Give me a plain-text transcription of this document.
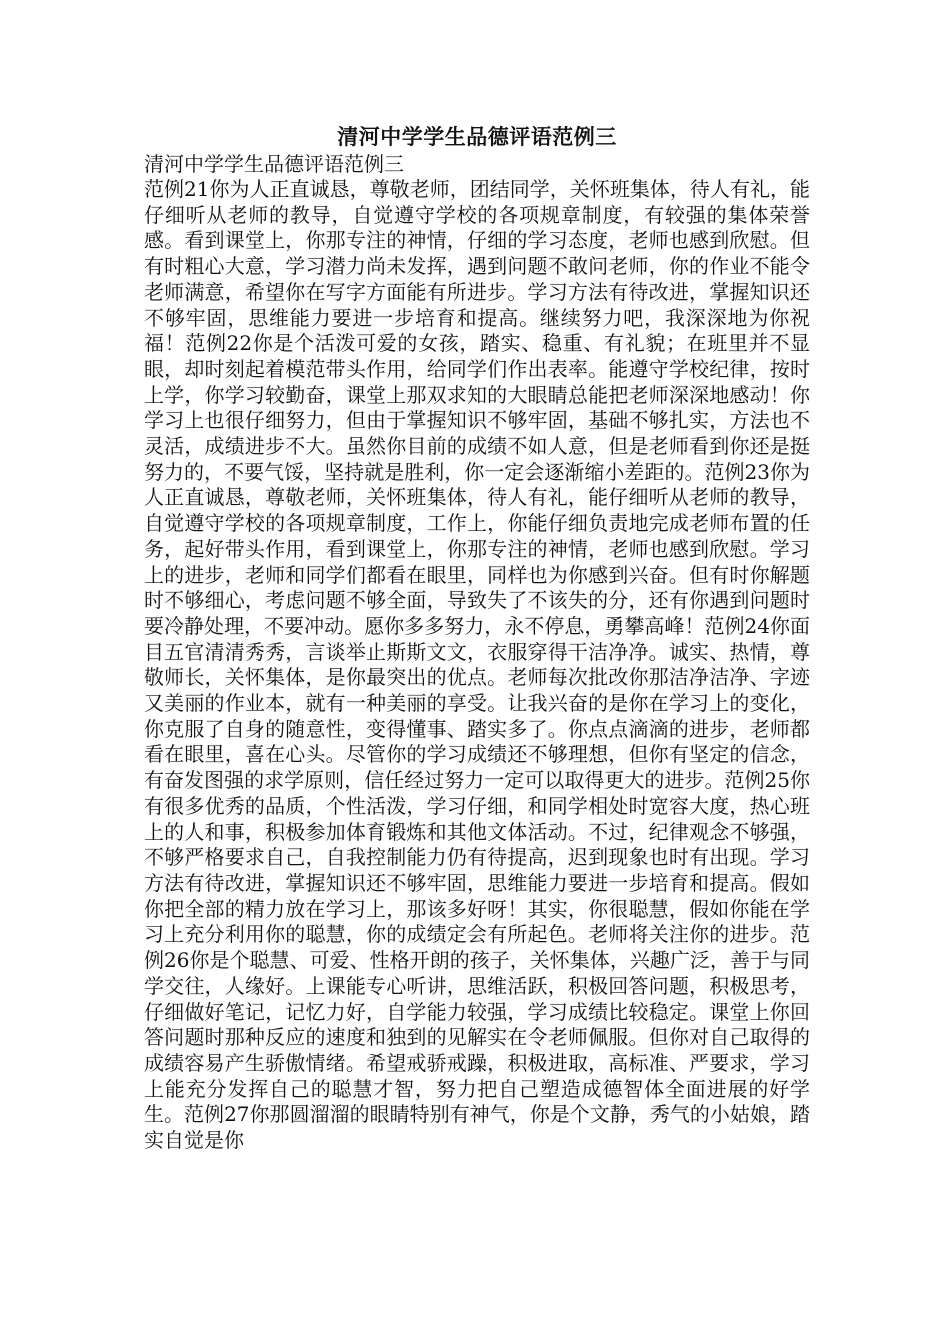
清河中学学生品德评语范例三

清河中学学生品德评语范例三

范例21你为人正直诚恳，尊敬老师，团结同学，关怀班集体，待人有礼，能仔细听从老师的教导，自觉遵守学校的各项规章制度，有较强的集体荣誉感。看到课堂上，你那专注的神情，仔细的学习态度，老师也感到欣慰。但有时粗心大意，学习潜力尚未发挥，遇到问题不敢问老师，你的作业不能令老师满意，希望你在写字方面能有所进步。学习方法有待改进，掌握知识还不够牢固，思维能力要进一步培育和提高。继续努力吧，我深深地为你祝福！范例22你是个活泼可爱的女孩，踏实、稳重、有礼貌；在班里并不显眼，却时刻起着模范带头作用，给同学们作出表率。能遵守学校纪律，按时上学，你学习较勤奋，课堂上那双求知的大眼睛总能把老师深深地感动！你学习上也很仔细努力，但由于掌握知识不够牢固，基础不够扎实，方法也不灵活，成绩进步不大。虽然你目前的成绩不如人意，但是老师看到你还是挺努力的，不要气馁，坚持就是胜利，你一定会逐渐缩小差距的。范例23你为人正直诚恳，尊敬老师，关怀班集体，待人有礼，能仔细听从老师的教导，自觉遵守学校的各项规章制度，工作上，你能仔细负责地完成老师布置的任务，起好带头作用，看到课堂上，你那专注的神情，老师也感到欣慰。学习上的进步，老师和同学们都看在眼里，同样也为你感到兴奋。但有时你解题时不够细心，考虑问题不够全面，导致失了不该失的分，还有你遇到问题时要冷静处理，不要冲动。愿你多多努力，永不停息，勇攀高峰！范例24你面目五官清清秀秀，言谈举止斯斯文文，衣服穿得干洁净净。诚实、热情，尊敬师长，关怀集体，是你最突出的优点。老师每次批改你那洁净洁净、字迹又美丽的作业本，就有一种美丽的享受。让我兴奋的是你在学习上的变化，你克服了自身的随意性，变得懂事、踏实多了。你点点滴滴的进步，老师都看在眼里，喜在心头。尽管你的学习成绩还不够理想，但你有坚定的信念，有奋发图强的求学原则，信任经过努力一定可以取得更大的进步。范例25你有很多优秀的品质，个性活泼，学习仔细，和同学相处时宽容大度，热心班上的人和事，积极参加体育锻炼和其他文体活动。不过，纪律观念不够强，不够严格要求自己，自我控制能力仍有待提高，迟到现象也时有出现。学习方法有待改进，掌握知识还不够牢固，思维能力要进一步培育和提高。假如你把全部的精力放在学习上，那该多好呀！其实，你很聪慧，假如你能在学习上充分利用你的聪慧，你的成绩定会有所起色。老师将关注你的进步。范例26你是个聪慧、可爱、性格开朗的孩子，关怀集体，兴趣广泛，善于与同学交往，人缘好。上课能专心听讲，思维活跃，积极回答问题，积极思考，仔细做好笔记，记忆力好，自学能力较强，学习成绩比较稳定。课堂上你回答问题时那种反应的速度和独到的见解实在令老师佩服。但你对自己取得的成绩容易产生骄傲情绪。希望戒骄戒躁，积极进取，高标准、严要求，学习上能充分发挥自己的聪慧才智，努力把自己塑造成德智体全面进展的好学生。范例27你那圆溜溜的眼睛特别有神气，你是个文静，秀气的小姑娘，踏实自觉是你
